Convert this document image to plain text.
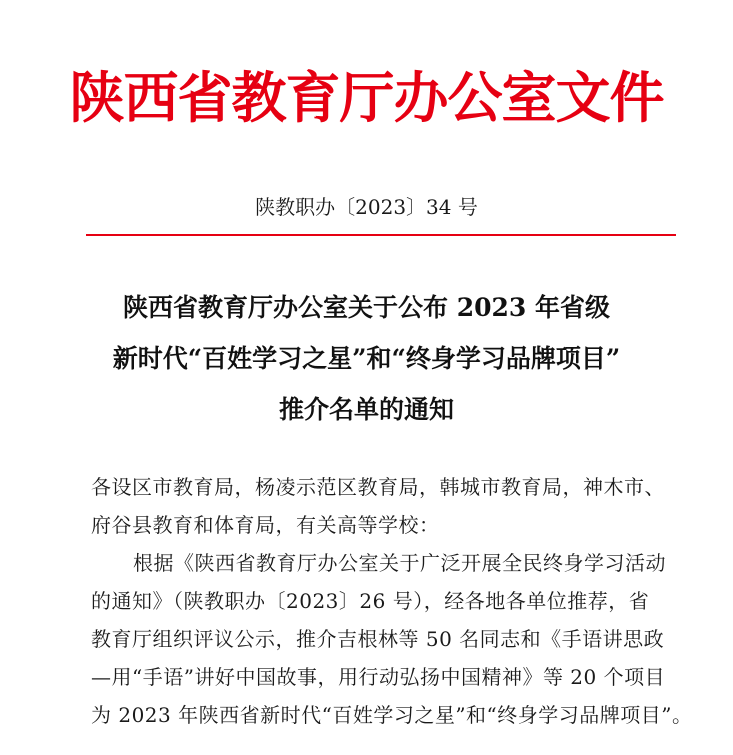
陕西省教育厅办公室文件
陕教职办〔2023〕34 号
陕西省教育厅办公室关于公布 2023 年省级
新时代“百姓学习之星”和“终身学习品牌项目”
推介名单的通知
各设区市教育局，杨凌示范区教育局，韩城市教育局，神木市、
府谷县教育和体育局，有关高等学校：
根据《陕西省教育厅办公室关于广泛开展全民终身学习活动
的通知》（陕教职办〔2023〕26 号），经各地各单位推荐，省
教育厅组织评议公示，推介吉根林等 50 名同志和《手语讲思政
—用“手语”讲好中国故事，用行动弘扬中国精神》等 20 个项目
为 2023 年陕西省新时代“百姓学习之星”和“终身学习品牌项目”。
